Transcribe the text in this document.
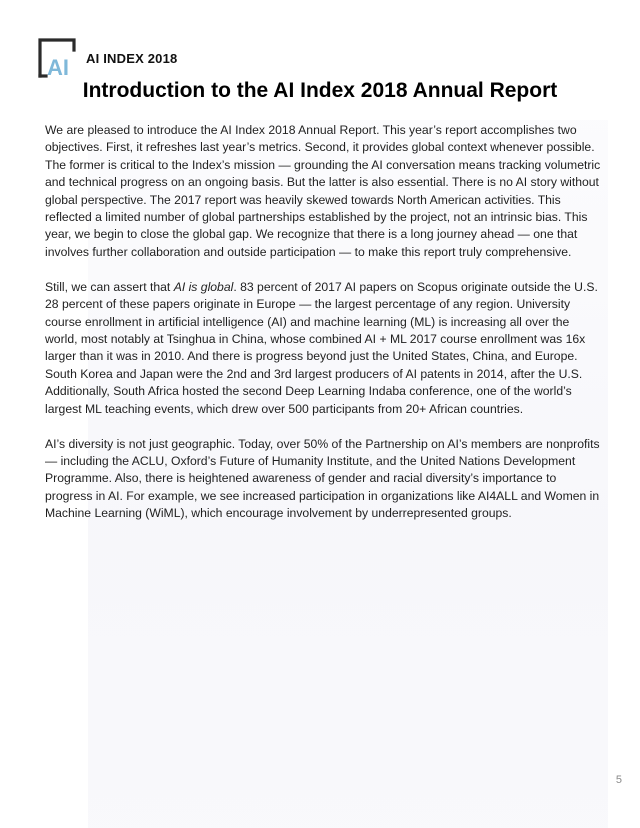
AI AI INDEX 2018
Introduction to the AI Index 2018 Annual Report

We are pleased to introduce the AI Index 2018 Annual Report. This year’s report accomplishes two objectives. First, it refreshes last year’s metrics. Second, it provides global context whenever possible. The former is critical to the Index’s mission — grounding the AI conversation means tracking volumetric and technical progress on an ongoing basis. But the latter is also essential. There is no AI story without global perspective. The 2017 report was heavily skewed towards North American activities. This reflected a limited number of global partnerships established by the project, not an intrinsic bias. This year, we begin to close the global gap. We recognize that there is a long journey ahead — one that involves further collaboration and outside participation — to make this report truly comprehensive.

Still, we can assert that AI is global. 83 percent of 2017 AI papers on Scopus originate outside the U.S. 28 percent of these papers originate in Europe — the largest percentage of any region. University course enrollment in artificial intelligence (AI) and machine learning (ML) is increasing all over the world, most notably at Tsinghua in China, whose combined AI + ML 2017 course enrollment was 16x larger than it was in 2010. And there is progress beyond just the United States, China, and Europe. South Korea and Japan were the 2nd and 3rd largest producers of AI patents in 2014, after the U.S. Additionally, South Africa hosted the second Deep Learning Indaba conference, one of the world’s largest ML teaching events, which drew over 500 participants from 20+ African countries.

AI’s diversity is not just geographic. Today, over 50% of the Partnership on AI’s members are nonprofits — including the ACLU, Oxford’s Future of Humanity Institute, and the United Nations Development Programme. Also, there is heightened awareness of gender and racial diversity’s importance to progress in AI. For example, we see increased participation in organizations like AI4ALL and Women in Machine Learning (WiML), which encourage involvement by underrepresented groups.

5
